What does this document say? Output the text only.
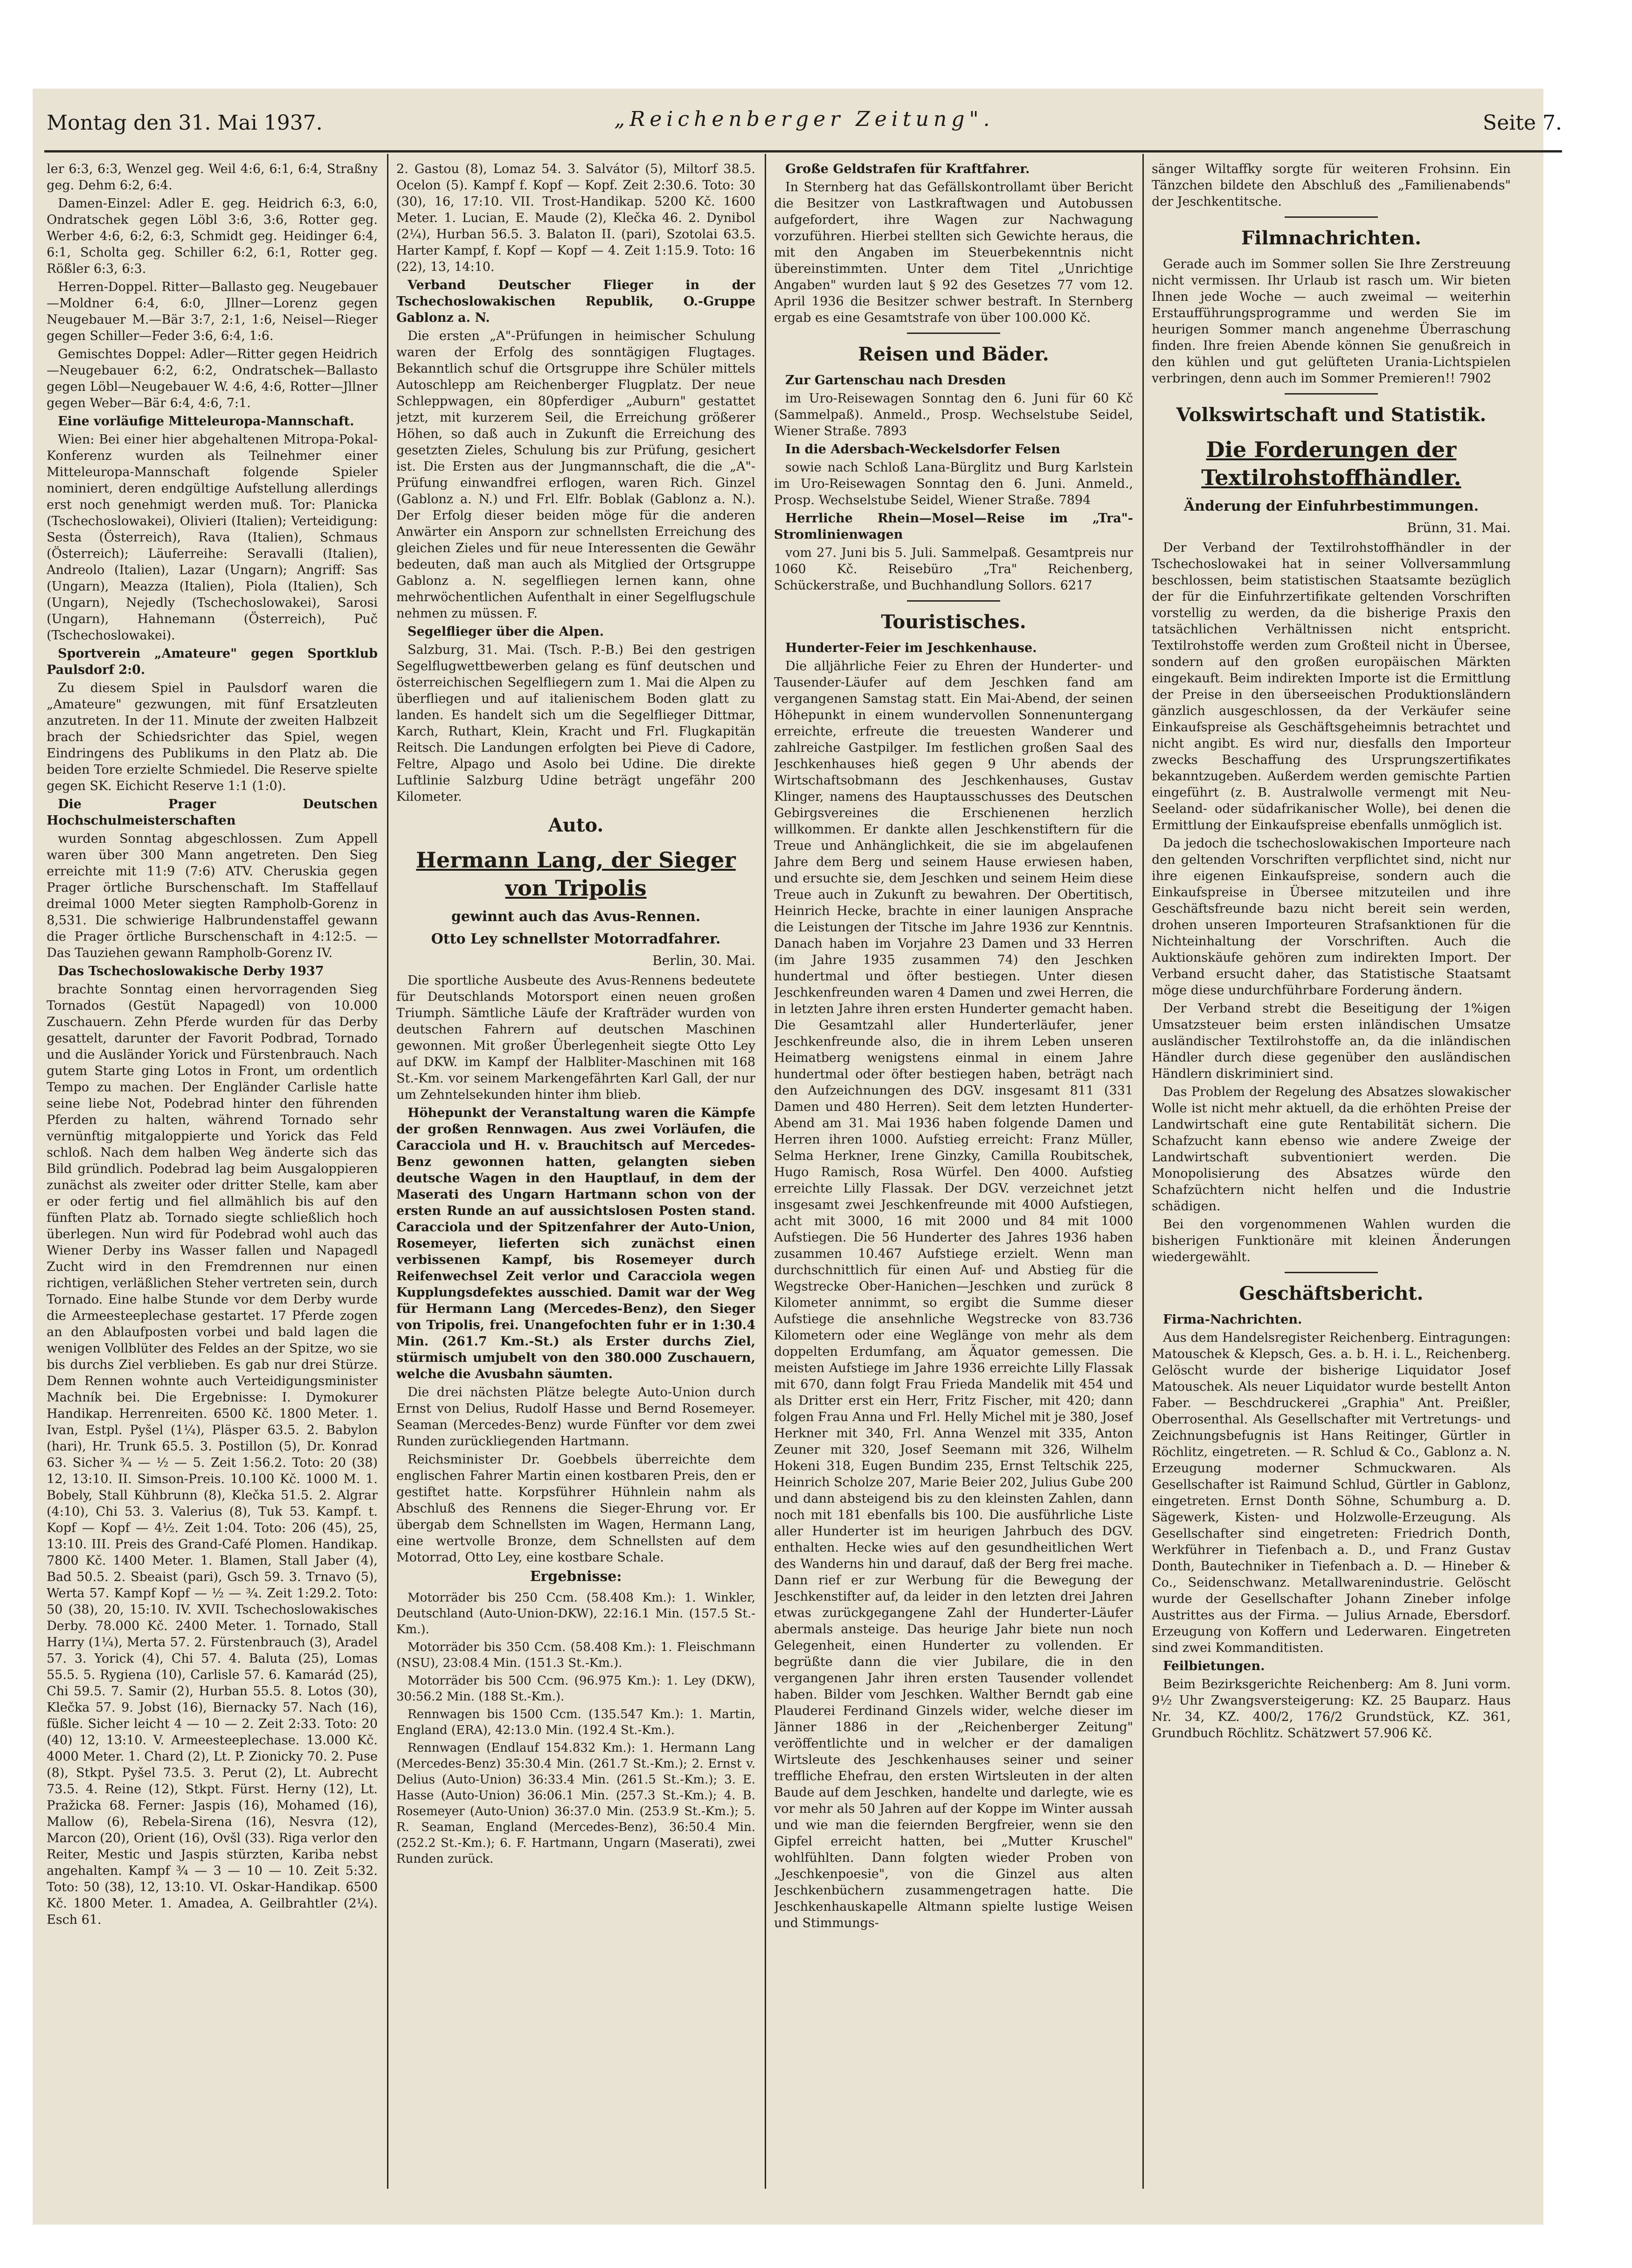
Montag den 31. Mai 1937.	„Reichenberger Zeitung".	Seite 7.

ler 6:3, 6:3, Wenzel geg. Weil 4:6, 6:1, 6:4, Straßny geg. Dehm 6:2, 6:4.

Damen-Einzel: Adler E. geg. Heidrich 6:3, 6:0, Ondratschek gegen Löbl 3:6, 3:6, Rotter geg. Werber 4:6, 6:2, 6:3, Schmidt geg. Heidinger 6:4, 6:1, Scholta geg. Schiller 6:2, 6:1, Rotter geg. Rößler 6:3, 6:3.

Herren-Doppel. Ritter—Ballasto geg. Neugebauer—Moldner 6:4, 6:0, Jllner—Lorenz gegen Neugebauer M.—Bär 3:7, 2:1, 1:6, Neisel—Rieger gegen Schiller—Feder 3:6, 6:4, 1:6.

Gemischtes Doppel: Adler—Ritter gegen Heidrich—Neugebauer 6:2, 6:2, Ondratschek—Ballasto gegen Löbl—Neugebauer W. 4:6, 4:6, Rotter—Jllner gegen Weber—Bär 6:4, 4:6, 7:1.

Eine vorläufige Mitteleuropa-Mannschaft.

Wien: Bei einer hier abgehaltenen Mitropa-Pokal-Konferenz wurden als Teilnehmer einer Mitteleuropa-Mannschaft folgende Spieler nominiert, deren endgültige Aufstellung allerdings erst noch genehmigt werden muß. Tor: Planicka (Tschechoslowakei), Olivieri (Italien); Verteidigung: Sesta (Österreich), Rava (Italien), Schmaus (Österreich); Läuferreihe: Seravalli (Italien), Andreolo (Italien), Lazar (Ungarn); Angriff: Sas (Ungarn), Meazza (Italien), Piola (Italien), Sch (Ungarn), Nejedly (Tschechoslowakei), Sarosi (Ungarn), Hahnemann (Österreich), Puč (Tschechoslowakei).

Sportverein „Amateure" gegen Sportklub Paulsdorf 2:0.

Zu diesem Spiel in Paulsdorf waren die „Amateure" gezwungen, mit fünf Ersatzleuten anzutreten. In der 11. Minute der zweiten Halbzeit brach der Schiedsrichter das Spiel, wegen Eindringens des Publikums in den Platz ab. Die beiden Tore erzielte Schmiedel. Die Reserve spielte gegen SK. Eichicht Reserve 1:1 (1:0).

Die Prager Deutschen Hochschulmeisterschaften

wurden Sonntag abgeschlossen. Zum Appell waren über 300 Mann angetreten. Den Sieg erreichte mit 11:9 (7:6) ATV. Cheruskia gegen Prager örtliche Burschenschaft. Im Staffellauf dreimal 1000 Meter siegten Rampholb-Gorenz in 8,531. Die schwierige Halbrundenstaffel gewann die Prager örtliche Burschenschaft in 4:12:5. — Das Tauziehen gewann Rampholb-Gorenz IV.

Das Tschechoslowakische Derby 1937

brachte Sonntag einen hervorragenden Sieg Tornados (Gestüt Napagedl) von 10.000 Zuschauern. Zehn Pferde wurden für das Derby gesattelt, darunter der Favorit Podbrad, Tornado und die Ausländer Yorick und Fürstenbrauch. Nach gutem Starte ging Lotos in Front, um ordentlich Tempo zu machen. Der Engländer Carlisle hatte seine liebe Not, Podebrad hinter den führenden Pferden zu halten, während Tornado sehr vernünftig mitgaloppierte und Yorick das Feld schloß. Nach dem halben Weg änderte sich das Bild gründlich. Podebrad lag beim Ausgaloppieren zunächst als zweiter oder dritter Stelle, kam aber er oder fertig und fiel allmählich bis auf den fünften Platz ab. Tornado siegte schließlich hoch überlegen. Nun wird für Podebrad wohl auch das Wiener Derby ins Wasser fallen und Napagedl Zucht wird in den Fremdrennen nur einen richtigen, verläßlichen Steher vertreten sein, durch Tornado. Eine halbe Stunde vor dem Derby wurde die Armeesteeplechase gestartet. 17 Pferde zogen an den Ablaufposten vorbei und bald lagen die wenigen Vollblüter des Feldes an der Spitze, wo sie bis durchs Ziel verblieben. Es gab nur drei Stürze. Dem Rennen wohnte auch Verteidigungsminister Machník bei. Die Ergebnisse: I. Dymokurer Handikap. Herrenreiten. 6500 Kč. 1800 Meter. 1. Ivan, Estpl. Pyšel (1¼), Pläsper 63.5. 2. Babylon (hari), Hr. Trunk 65.5. 3. Postillon (5), Dr. Konrad 63. Sicher ¾ — ½ — 5. Zeit 1:56.2. Toto: 20 (38) 12, 13:10. II. Simson-Preis. 10.100 Kč. 1000 M. 1. Bobely, Stall Kühbrunn (8), Klečka 51.5. 2. Algrar (4:10), Chi 53. 3. Valerius (8), Tuk 53. Kampf. t. Kopf — Kopf — 4½. Zeit 1:04. Toto: 206 (45), 25, 13:10. III. Preis des Grand-Café Plomen. Handikap. 7800 Kč. 1400 Meter. 1. Blamen, Stall Jaber (4), Bad 50.5. 2. Sbeaist (pari), Gsch 59. 3. Trnavo (5), Werta 57. Kampf Kopf — ½ — ¾. Zeit 1:29.2. Toto: 50 (38), 20, 15:10. IV. XVII. Tschechoslowakisches Derby. 78.000 Kč. 2400 Meter. 1. Tornado, Stall Harry (1¼), Merta 57. 2. Fürstenbrauch (3), Aradel 57. 3. Yorick (4), Chi 57. 4. Baluta (25), Lomas 55.5. 5. Rygiena (10), Carlisle 57. 6. Kamarád (25), Chi 59.5. 7. Samir (2), Hurban 55.5. 8. Lotos (30), Klečka 57. 9. Jobst (16), Biernacky 57. Nach (16), füßle. Sicher leicht 4 — 10 — 2. Zeit 2:33. Toto: 20 (40) 12, 13:10. V. Armeesteeplechase. 13.000 Kč. 4000 Meter. 1. Chard (2), Lt. P. Zionicky 70. 2. Puse (8), Stkpt. Pyšel 73.5. 3. Perut (2), Lt. Aubrecht 73.5. 4. Reine (12), Stkpt. Fürst. Herny (12), Lt. Pražicka 68. Ferner: Jaspis (16), Mohamed (16), Mallow (6), Rebela-Sirena (16), Nesvra (12), Marcon (20), Orient (16), Ovšl (33). Riga verlor den Reiter, Mestic und Jaspis stürzten, Kariba nebst angehalten. Kampf ¾ — 3 — 10 — 10. Zeit 5:32. Toto: 50 (38), 12, 13:10. VI. Oskar-Handikap. 6500 Kč. 1800 Meter. 1. Amadea, A. Geilbrahtler (2¼). Esch 61.

2. Gastou (8), Lomaz 54. 3. Salvátor (5), Miltorf 38.5. Ocelon (5). Kampf f. Kopf — Kopf. Zeit 2:30.6. Toto: 30 (30), 16, 17:10. VII. Trost-Handikap. 5200 Kč. 1600 Meter. 1. Lucian, E. Maude (2), Klečka 46. 2. Dynibol (2¼), Hurban 56.5. 3. Balaton II. (pari), Szotolai 63.5. Harter Kampf, f. Kopf — Kopf — 4. Zeit 1:15.9. Toto: 16 (22), 13, 14:10.

Verband Deutscher Flieger in der Tschechoslowakischen Republik, O.-Gruppe Gablonz a. N.

Die ersten „A"-Prüfungen in heimischer Schulung waren der Erfolg des sonntägigen Flugtages. Bekanntlich schuf die Ortsgruppe ihre Schüler mittels Autoschlepp am Reichenberger Flugplatz. Der neue Schleppwagen, ein 80pferdiger „Auburn" gestattet jetzt, mit kurzerem Seil, die Erreichung größerer Höhen, so daß auch in Zukunft die Erreichung des gesetzten Zieles, Schulung bis zur Prüfung, gesichert ist. Die Ersten aus der Jungmannschaft, die die „A"-Prüfung einwandfrei erflogen, waren Rich. Ginzel (Gablonz a. N.) und Frl. Elfr. Boblak (Gablonz a. N.). Der Erfolg dieser beiden möge für die anderen Anwärter ein Ansporn zur schnellsten Erreichung des gleichen Zieles und für neue Interessenten die Gewähr bedeuten, daß man auch als Mitglied der Ortsgruppe Gablonz a. N. segelfliegen lernen kann, ohne mehrwöchentlichen Aufenthalt in einer Segelflugschule nehmen zu müssen. F.

Segelflieger über die Alpen.

Salzburg, 31. Mai. (Tsch. P.-B.) Bei den gestrigen Segelflugwettbewerben gelang es fünf deutschen und österreichischen Segelfliegern zum 1. Mai die Alpen zu überfliegen und auf italienischem Boden glatt zu landen. Es handelt sich um die Segelflieger Dittmar, Karch, Ruthart, Klein, Kracht und Frl. Flugkapitän Reitsch. Die Landungen erfolgten bei Pieve di Cadore, Feltre, Alpago und Asolo bei Udine. Die direkte Luftlinie Salzburg Udine beträgt ungefähr 200 Kilometer.

Auto.
Hermann Lang, der Sieger von Tripolis
gewinnt auch das Avus-Rennen.
Otto Ley schnellster Motorradfahrer.
Berlin, 30. Mai.

Die sportliche Ausbeute des Avus-Rennens bedeutete für Deutschlands Motorsport einen neuen großen Triumph. Sämtliche Läufe der Krafträder wurden von deutschen Fahrern auf deutschen Maschinen gewonnen. Mit großer Überlegenheit siegte Otto Ley auf DKW. im Kampf der Halbliter-Maschinen mit 168 St.-Km. vor seinem Markengefährten Karl Gall, der nur um Zehntelsekunden hinter ihm blieb.

Höhepunkt der Veranstaltung waren die Kämpfe der großen Rennwagen. Aus zwei Vorläufen, die Caracciola und H. v. Brauchitsch auf Mercedes-Benz gewonnen hatten, gelangten sieben deutsche Wagen in den Hauptlauf, in dem der Maserati des Ungarn Hartmann schon von der ersten Runde an auf aussichtslosen Posten stand. Caracciola und der Spitzenfahrer der Auto-Union, Rosemeyer, lieferten sich zunächst einen verbissenen Kampf, bis Rosemeyer durch Reifenwechsel Zeit verlor und Caracciola wegen Kupplungsdefektes ausschied. Damit war der Weg für Hermann Lang (Mercedes-Benz), den Sieger von Tripolis, frei. Unangefochten fuhr er in 1:30.4 Min. (261.7 Km.-St.) als Erster durchs Ziel, stürmisch umjubelt von den 380.000 Zuschauern, welche die Avusbahn säumten.

Die drei nächsten Plätze belegte Auto-Union durch Ernst von Delius, Rudolf Hasse und Bernd Rosemeyer. Seaman (Mercedes-Benz) wurde Fünfter vor dem zwei Runden zurückliegenden Hartmann.

Reichsminister Dr. Goebbels überreichte dem englischen Fahrer Martin einen kostbaren Preis, den er gestiftet hatte. Korpsführer Hühnlein nahm als Abschluß des Rennens die Sieger-Ehrung vor. Er übergab dem Schnellsten im Wagen, Hermann Lang, eine wertvolle Bronze, dem Schnellsten auf dem Motorrad, Otto Ley, eine kostbare Schale.

Ergebnisse:

Motorräder bis 250 Ccm. (58.408 Km.): 1. Winkler, Deutschland (Auto-Union-DKW), 22:16.1 Min. (157.5 St.-Km.).

Motorräder bis 350 Ccm. (58.408 Km.): 1. Fleischmann (NSU), 23:08.4 Min. (151.3 St.-Km.).

Motorräder bis 500 Ccm. (96.975 Km.): 1. Ley (DKW), 30:56.2 Min. (188 St.-Km.).

Rennwagen bis 1500 Ccm. (135.547 Km.): 1. Martin, England (ERA), 42:13.0 Min. (192.4 St.-Km.).

Rennwagen (Endlauf 154.832 Km.): 1. Hermann Lang (Mercedes-Benz) 35:30.4 Min. (261.7 St.-Km.); 2. Ernst v. Delius (Auto-Union) 36:33.4 Min. (261.5 St.-Km.); 3. E. Hasse (Auto-Union) 36:06.1 Min. (257.3 St.-Km.); 4. B. Rosemeyer (Auto-Union) 36:37.0 Min. (253.9 St.-Km.); 5. R. Seaman, England (Mercedes-Benz), 36:50.4 Min. (252.2 St.-Km.); 6. F. Hartmann, Ungarn (Maserati), zwei Runden zurück.

Große Geldstrafen für Kraftfahrer.

In Sternberg hat das Gefällskontrollamt über Bericht die Besitzer von Lastkraftwagen und Autobussen aufgefordert, ihre Wagen zur Nachwagung vorzuführen. Hierbei stellten sich Gewichte heraus, die mit den Angaben im Steuerbekenntnis nicht übereinstimmten. Unter dem Titel „Unrichtige Angaben" wurden laut § 92 des Gesetzes 77 vom 12. April 1936 die Besitzer schwer bestraft. In Sternberg ergab es eine Gesamtstrafe von über 100.000 Kč.

Reisen und Bäder.

Zur Gartenschau nach Dresden

im Uro-Reisewagen Sonntag den 6. Juni für 60 Kč (Sammelpaß). Anmeld., Prosp. Wechselstube Seidel, Wiener Straße. 7893

In die Adersbach-Weckelsdorfer Felsen

sowie nach Schloß Lana-Bürglitz und Burg Karlstein im Uro-Reisewagen Sonntag den 6. Juni. Anmeld., Prosp. Wechselstube Seidel, Wiener Straße. 7894

Herrliche Rhein—Mosel—Reise im „Tra"-Stromlinienwagen

vom 27. Juni bis 5. Juli. Sammelpaß. Gesamtpreis nur 1060 Kč. Reisebüro „Tra" Reichenberg, Schückerstraße, und Buchhandlung Sollors. 6217

Touristisches.

Hunderter-Feier im Jeschkenhause.

Die alljährliche Feier zu Ehren der Hunderter- und Tausender-Läufer auf dem Jeschken fand am vergangenen Samstag statt. Ein Mai-Abend, der seinen Höhepunkt in einem wundervollen Sonnenuntergang erreichte, erfreute die treuesten Wanderer und zahlreiche Gastpilger. Im festlichen großen Saal des Jeschkenhauses hieß gegen 9 Uhr abends der Wirtschaftsobmann des Jeschkenhauses, Gustav Klinger, namens des Hauptausschusses des Deutschen Gebirgsvereines die Erschienenen herzlich willkommen. Er dankte allen Jeschkenstiftern für die Treue und Anhänglichkeit, die sie im abgelaufenen Jahre dem Berg und seinem Hause erwiesen haben, und ersuchte sie, dem Jeschken und seinem Heim diese Treue auch in Zukunft zu bewahren. Der Obertitisch, Heinrich Hecke, brachte in einer launigen Ansprache die Leistungen der Titsche im Jahre 1936 zur Kenntnis. Danach haben im Vorjahre 23 Damen und 33 Herren (im Jahre 1935 zusammen 74) den Jeschken hundertmal und öfter bestiegen. Unter diesen Jeschkenfreunden waren 4 Damen und zwei Herren, die in letzten Jahre ihren ersten Hunderter gemacht haben. Die Gesamtzahl aller Hunderterläufer, jener Jeschkenfreunde also, die in ihrem Leben unseren Heimatberg wenigstens einmal in einem Jahre hundertmal oder öfter bestiegen haben, beträgt nach den Aufzeichnungen des DGV. insgesamt 811 (331 Damen und 480 Herren). Seit dem letzten Hunderter-Abend am 31. Mai 1936 haben folgende Damen und Herren ihren 1000. Aufstieg erreicht: Franz Müller, Selma Herkner, Irene Ginzky, Camilla Roubitschek, Hugo Ramisch, Rosa Würfel. Den 4000. Aufstieg erreichte Lilly Flassak. Der DGV. verzeichnet jetzt insgesamt zwei Jeschkenfreunde mit 4000 Aufstiegen, acht mit 3000, 16 mit 2000 und 84 mit 1000 Aufstiegen. Die 56 Hunderter des Jahres 1936 haben zusammen 10.467 Aufstiege erzielt. Wenn man durchschnittlich für einen Auf- und Abstieg für die Wegstrecke Ober-Hanichen—Jeschken und zurück 8 Kilometer annimmt, so ergibt die Summe dieser Aufstiege die ansehnliche Wegstrecke von 83.736 Kilometern oder eine Weglänge von mehr als dem doppelten Erdumfang, am Äquator gemessen. Die meisten Aufstiege im Jahre 1936 erreichte Lilly Flassak mit 670, dann folgt Frau Frieda Mandelik mit 454 und als Dritter erst ein Herr, Fritz Fischer, mit 420; dann folgen Frau Anna und Frl. Helly Michel mit je 380, Josef Herkner mit 340, Frl. Anna Wenzel mit 335, Anton Zeuner mit 320, Josef Seemann mit 326, Wilhelm Hokeni 318, Eugen Bundim 235, Ernst Teltschik 225, Heinrich Scholze 207, Marie Beier 202, Julius Gube 200 und dann absteigend bis zu den kleinsten Zahlen, dann noch mit 181 ebenfalls bis 100. Die ausführliche Liste aller Hunderter ist im heurigen Jahrbuch des DGV. enthalten. Hecke wies auf den gesundheitlichen Wert des Wanderns hin und darauf, daß der Berg frei mache. Dann rief er zur Werbung für die Bewegung der Jeschkenstifter auf, da leider in den letzten drei Jahren etwas zurückgegangene Zahl der Hunderter-Läufer abermals ansteige. Das heurige Jahr biete nun noch Gelegenheit, einen Hunderter zu vollenden. Er begrüßte dann die vier Jubilare, die in den vergangenen Jahr ihren ersten Tausender vollendet haben. Bilder vom Jeschken. Walther Berndt gab eine Plauderei Ferdinand Ginzels wider, welche dieser im Jänner 1886 in der „Reichenberger Zeitung" veröffentlichte und in welcher er der damaligen Wirtsleute des Jeschkenhauses seiner und seiner treffliche Ehefrau, den ersten Wirtsleuten in der alten Baude auf dem Jeschken, handelte und darlegte, wie es vor mehr als 50 Jahren auf der Koppe im Winter aussah und wie man die feiernden Bergfreier, wenn sie den Gipfel erreicht hatten, bei „Mutter Kruschel" wohlfühlten. Dann folgten wieder Proben von „Jeschkenpoesie", von die Ginzel aus alten Jeschkenbüchern zusammengetragen hatte. Die Jeschkenhauskapelle Altmann spielte lustige Weisen und Stimmungs-

sänger Wiltaffky sorgte für weiteren Frohsinn. Ein Tänzchen bildete den Abschluß des „Familienabends" der Jeschkentitsche.

Filmnachrichten.

Gerade auch im Sommer sollen Sie Ihre Zerstreuung nicht vermissen. Ihr Urlaub ist rasch um. Wir bieten Ihnen jede Woche — auch zweimal — weiterhin Erstaufführungsprogramme und werden Sie im heurigen Sommer manch angenehme Überraschung finden. Ihre freien Abende können Sie genußreich in den kühlen und gut gelüfteten Urania-Lichtspielen verbringen, denn auch im Sommer Premieren!! 7902

Volkswirtschaft und Statistik.
Die Forderungen der Textilrohstoffhändler.
Änderung der Einfuhrbestimmungen.
Brünn, 31. Mai.

Der Verband der Textilrohstoffhändler in der Tschechoslowakei hat in seiner Vollversammlung beschlossen, beim statistischen Staatsamte bezüglich der für die Einfuhrzertifikate geltenden Vorschriften vorstellig zu werden, da die bisherige Praxis den tatsächlichen Verhältnissen nicht entspricht. Textilrohstoffe werden zum Großteil nicht in Übersee, sondern auf den großen europäischen Märkten eingekauft. Beim indirekten Importe ist die Ermittlung der Preise in den überseeischen Produktionsländern gänzlich ausgeschlossen, da der Verkäufer seine Einkaufspreise als Geschäftsgeheimnis betrachtet und nicht angibt. Es wird nur, diesfalls den Importeur zwecks Beschaffung des Ursprungszertifikates bekanntzugeben. Außerdem werden gemischte Partien eingeführt (z. B. Australwolle vermengt mit Neu-Seeland- oder südafrikanischer Wolle), bei denen die Ermittlung der Einkaufspreise ebenfalls unmöglich ist.

Da jedoch die tschechoslowakischen Importeure nach den geltenden Vorschriften verpflichtet sind, nicht nur ihre eigenen Einkaufspreise, sondern auch die Einkaufspreise in Übersee mitzuteilen und ihre Geschäftsfreunde bazu nicht bereit sein werden, drohen unseren Importeuren Strafsanktionen für die Nichteinhaltung der Vorschriften. Auch die Auktionskäufe gehören zum indirekten Import. Der Verband ersucht daher, das Statistische Staatsamt möge diese undurchführbare Forderung ändern.

Der Verband strebt die Beseitigung der 1%igen Umsatzsteuer beim ersten inländischen Umsatze ausländischer Textilrohstoffe an, da die inländischen Händler durch diese gegenüber den ausländischen Händlern diskriminiert sind.

Das Problem der Regelung des Absatzes slowakischer Wolle ist nicht mehr aktuell, da die erhöhten Preise der Landwirtschaft eine gute Rentabilität sichern. Die Schafzucht kann ebenso wie andere Zweige der Landwirtschaft subventioniert werden. Die Monopolisierung des Absatzes würde den Schafzüchtern nicht helfen und die Industrie schädigen.

Bei den vorgenommenen Wahlen wurden die bisherigen Funktionäre mit kleinen Änderungen wiedergewählt.

Geschäftsbericht.

Firma-Nachrichten.

Aus dem Handelsregister Reichenberg. Eintragungen: Matouschek & Klepsch, Ges. a. b. H. i. L., Reichenberg. Gelöscht wurde der bisherige Liquidator Josef Matouschek. Als neuer Liquidator wurde bestellt Anton Faber. — Beschdruckerei „Graphia" Ant. Preißler, Oberrosenthal. Als Gesellschafter mit Vertretungs- und Zeichnungsbefugnis ist Hans Reitinger, Gürtler in Röchlitz, eingetreten. — R. Schlud & Co., Gablonz a. N. Erzeugung moderner Schmuckwaren. Als Gesellschafter ist Raimund Schlud, Gürtler in Gablonz, eingetreten. Ernst Donth Söhne, Schumburg a. D. Sägewerk, Kisten- und Holzwolle-Erzeugung. Als Gesellschafter sind eingetreten: Friedrich Donth, Werkführer in Tiefenbach a. D., und Franz Gustav Donth, Bautechniker in Tiefenbach a. D. — Hineber & Co., Seidenschwanz. Metallwarenindustrie. Gelöscht wurde der Gesellschafter Johann Zineber infolge Austrittes aus der Firma. — Julius Arnade, Ebersdorf. Erzeugung von Koffern und Lederwaren. Eingetreten sind zwei Kommanditisten.

Feilbietungen.

Beim Bezirksgerichte Reichenberg: Am 8. Juni vorm. 9½ Uhr Zwangsversteigerung: KZ. 25 Bauparz. Haus Nr. 34, KZ. 400/2, 176/2 Grundstück, KZ. 361, Grundbuch Röchlitz. Schätzwert 57.906 Kč.
